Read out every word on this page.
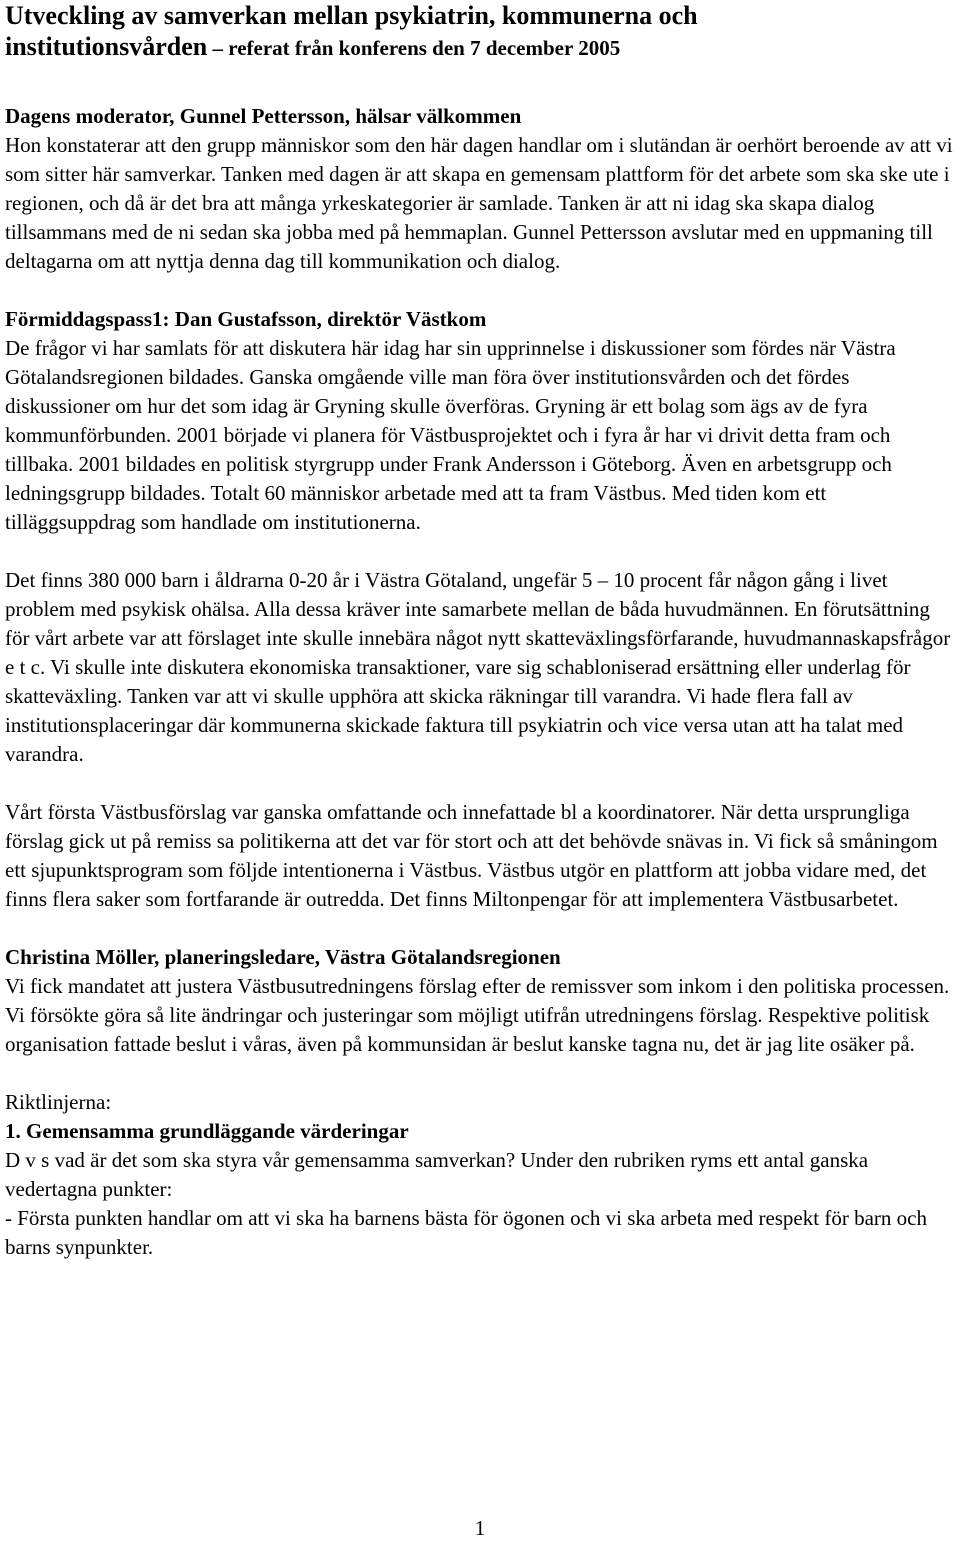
Utveckling av samverkan mellan psykiatrin, kommunerna och
institutionsvården – referat från konferens den 7 december 2005

Dagens moderator, Gunnel Pettersson, hälsar välkommen

Hon konstaterar att den grupp människor som den här dagen handlar om i slutändan är oerhört beroende av att vi som sitter här samverkar. Tanken med dagen är att skapa en gemensam plattform för det arbete som ska ske ute i regionen, och då är det bra att många yrkeskategorier är samlade. Tanken är att ni idag ska skapa dialog tillsammans med de ni sedan ska jobba med på hemmaplan. Gunnel Pettersson avslutar med en uppmaning till deltagarna om att nyttja denna dag till kommunikation och dialog.

Förmiddagspass1: Dan Gustafsson, direktör Västkom

De frågor vi har samlats för att diskutera här idag har sin upprinnelse i diskussioner som fördes när Västra Götalandsregionen bildades. Ganska omgående ville man föra över institutionsvården och det fördes diskussioner om hur det som idag är Gryning skulle överföras. Gryning är ett bolag som ägs av de fyra kommunförbunden. 2001 började vi planera för Västbusprojektet och i fyra år har vi drivit detta fram och tillbaka. 2001 bildades en politisk styrgrupp under Frank Andersson i Göteborg. Även en arbetsgrupp och ledningsgrupp bildades. Totalt 60 människor arbetade med att ta fram Västbus. Med tiden kom ett tilläggsuppdrag som handlade om institutionerna.

Det finns 380 000 barn i åldrarna 0-20 år i Västra Götaland, ungefär 5 – 10 procent får någon gång i livet problem med psykisk ohälsa. Alla dessa kräver inte samarbete mellan de båda huvudmännen. En förutsättning för vårt arbete var att förslaget inte skulle innebära något nytt skatteväxlingsförfarande, huvudmannaskapsfrågor e t c. Vi skulle inte diskutera ekonomiska transaktioner, vare sig schabloniserad ersättning eller underlag för skatteväxling. Tanken var att vi skulle upphöra att skicka räkningar till varandra. Vi hade flera fall av institutionsplaceringar där kommunerna skickade faktura till psykiatrin och vice versa utan att ha talat med varandra.

Vårt första Västbusförslag var ganska omfattande och innefattade bl a koordinatorer. När detta ursprungliga förslag gick ut på remiss sa politikerna att det var för stort och att det behövde snävas in. Vi fick så småningom ett sjupunktsprogram som följde intentionerna i Västbus. Västbus utgör en plattform att jobba vidare med, det finns flera saker som fortfarande är outredda. Det finns Miltonpengar för att implementera Västbusarbetet.

Christina Möller, planeringsledare, Västra Götalandsregionen

Vi fick mandatet att justera Västbusutredningens förslag efter de remissver som inkom i den politiska processen. Vi försökte göra så lite ändringar och justeringar som möjligt utifrån utredningens förslag. Respektive politisk organisation fattade beslut i våras, även på kommunsidan är beslut kanske tagna nu, det är jag lite osäker på.

Riktlinjerna:

1. Gemensamma grundläggande värderingar

D v s vad är det som ska styra vår gemensamma samverkan? Under den rubriken ryms ett antal ganska vedertagna punkter:

- Första punkten handlar om att vi ska ha barnens bästa för ögonen och vi ska arbeta med respekt för barn och barns synpunkter.

1
